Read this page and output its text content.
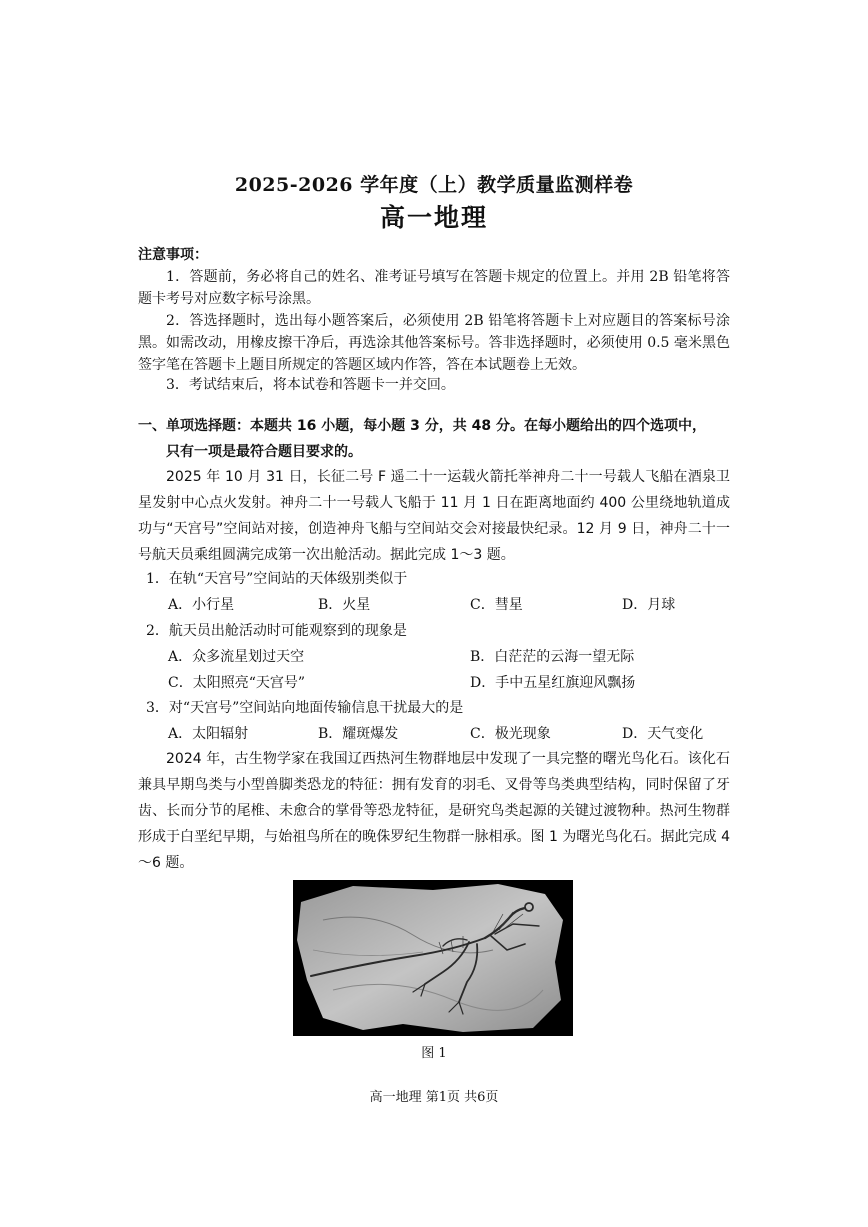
2025-2026 学年度（上）教学质量监测样卷
高一地理
注意事项：
1．答题前，务必将自己的姓名、准考证号填写在答题卡规定的位置上。并用 2B 铅笔将答题卡考号对应数字标号涂黑。
2．答选择题时，选出每小题答案后，必须使用 2B 铅笔将答题卡上对应题目的答案标号涂黑。如需改动，用橡皮擦干净后，再选涂其他答案标号。答非选择题时，必须使用 0.5 毫米黑色签字笔在答题卡上题目所规定的答题区域内作答，答在本试题卷上无效。
3．考试结束后，将本试卷和答题卡一并交回。
一、单项选择题：本题共 16 小题，每小题 3 分，共 48 分。在每小题给出的四个选项中，
只有一项是最符合题目要求的。
2025 年 10 月 31 日，长征二号 F 遥二十一运载火箭托举神舟二十一号载人飞船在酒泉卫星发射中心点火发射。神舟二十一号载人飞船于 11 月 1 日在距离地面约 400 公里绕地轨道成功与“天宫号”空间站对接，创造神舟飞船与空间站交会对接最快纪录。12 月 9 日，神舟二十一号航天员乘组圆满完成第一次出舱活动。据此完成 1～3 题。
1．在轨“天宫号”空间站的天体级别类似于
A．小行星	B．火星	C．彗星	D．月球
2．航天员出舱活动时可能观察到的现象是
A．众多流星划过天空	B．白茫茫的云海一望无际
C．太阳照亮“天宫号”	D．手中五星红旗迎风飘扬
3．对“天宫号”空间站向地面传输信息干扰最大的是
A．太阳辐射	B．耀斑爆发	C．极光现象	D．天气变化
2024 年，古生物学家在我国辽西热河生物群地层中发现了一具完整的曙光鸟化石。该化石兼具早期鸟类与小型兽脚类恐龙的特征：拥有发育的羽毛、叉骨等鸟类典型结构，同时保留了牙齿、长而分节的尾椎、未愈合的掌骨等恐龙特征，是研究鸟类起源的关键过渡物种。热河生物群形成于白垩纪早期，与始祖鸟所在的晚侏罗纪生物群一脉相承。图 1 为曙光鸟化石。据此完成 4～6 题。
图 1
高一地理 第1页 共6页
